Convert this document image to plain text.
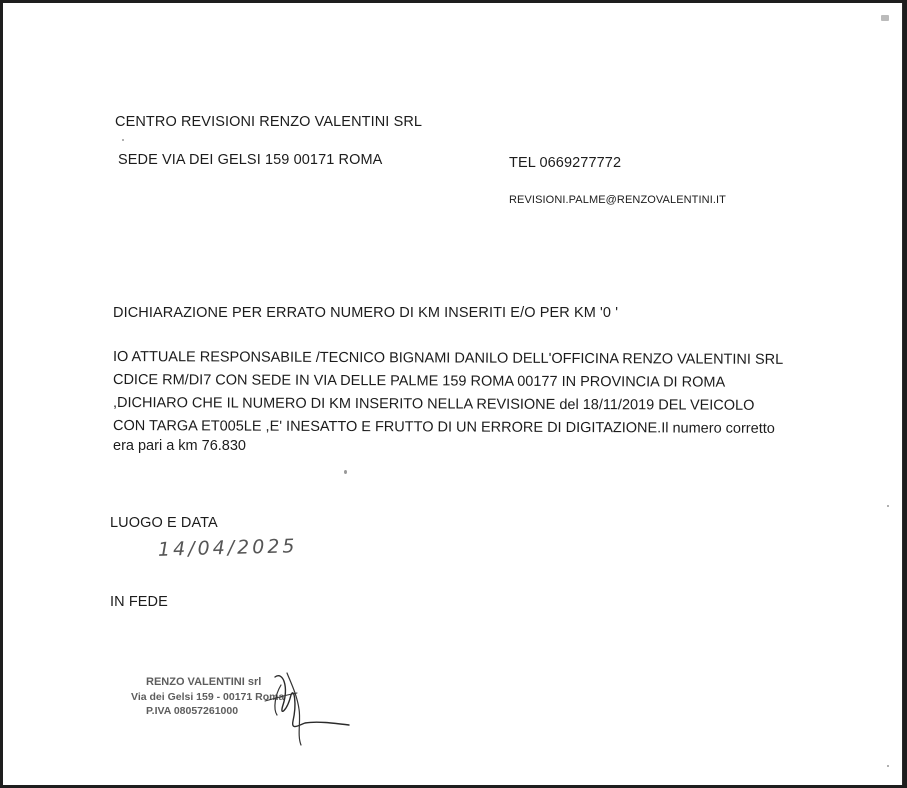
CENTRO REVISIONI RENZO VALENTINI SRL
SEDE VIA DEI GELSI 159 00171 ROMA	TEL 0669277772
REVISIONI.PALME@RENZOVALENTINI.IT
DICHIARAZIONE PER ERRATO NUMERO DI KM INSERITI E/O PER KM '0 '
IO ATTUALE RESPONSABILE /TECNICO BIGNAMI DANILO DELL'OFFICINA RENZO VALENTINI SRL
CDICE RM/DI7 CON SEDE IN VIA DELLE PALME 159 ROMA 00177 IN PROVINCIA DI ROMA
,DICHIARO CHE IL NUMERO DI KM INSERITO NELLA REVISIONE del 18/11/2019 DEL VEICOLO
CON TARGA ET005LE ,E' INESATTO E FRUTTO DI UN ERRORE DI DIGITAZIONE.Il numero corretto
era pari a km 76.830
LUOGO E DATA
14/04/2025
IN FEDE
RENZO VALENTINI srl
Via dei Gelsi 159 - 00171 Roma
P.IVA 08057261000
